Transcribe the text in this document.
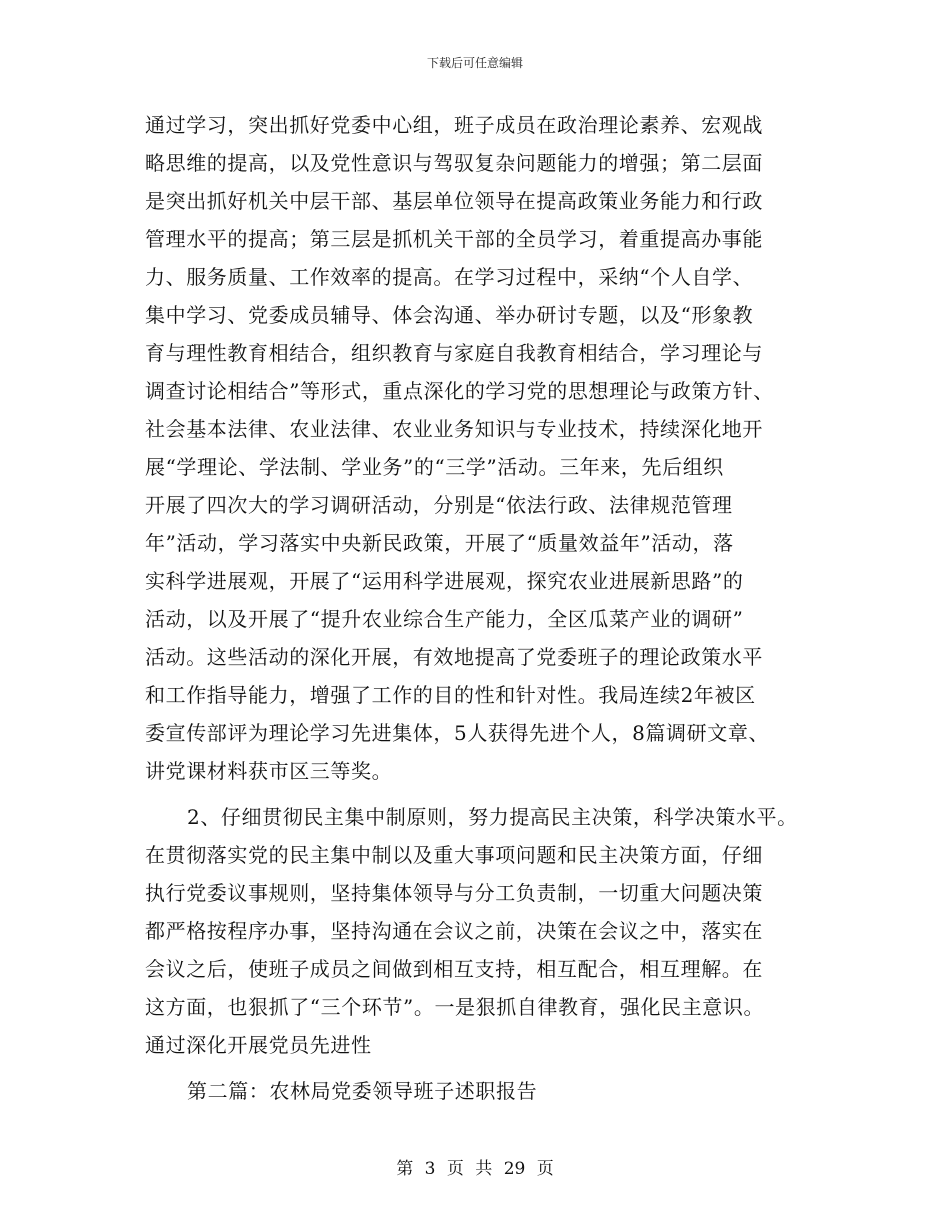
下载后可任意编辑
通过学习，突出抓好党委中心组，班子成员在政治理论素养、宏观战
略思维的提高，以及党性意识与驾驭复杂问题能力的增强；第二层面
是突出抓好机关中层干部、基层单位领导在提高政策业务能力和行政
管理水平的提高；第三层是抓机关干部的全员学习，着重提高办事能
力、服务质量、工作效率的提高。在学习过程中，采纳“个人自学、
集中学习、党委成员辅导、体会沟通、举办研讨专题，以及“形象教
育与理性教育相结合，组织教育与家庭自我教育相结合，学习理论与
调查讨论相结合”等形式，重点深化的学习党的思想理论与政策方针、
社会基本法律、农业法律、农业业务知识与专业技术，持续深化地开
展“学理论、学法制、学业务”的“三学”活动。三年来，先后组织
开展了四次大的学习调研活动，分别是“依法行政、法律规范管理
年”活动，学习落实中央新民政策，开展了“质量效益年”活动，落
实科学进展观，开展了“运用科学进展观，探究农业进展新思路”的
活动，以及开展了“提升农业综合生产能力，全区瓜菜产业的调研”
活动。这些活动的深化开展，有效地提高了党委班子的理论政策水平
和工作指导能力，增强了工作的目的性和针对性。我局连续2年被区
委宣传部评为理论学习先进集体，5人获得先进个人，8篇调研文章、
讲党课材料获市区三等奖。
2、仔细贯彻民主集中制原则，努力提高民主决策，科学决策水平。
在贯彻落实党的民主集中制以及重大事项问题和民主决策方面，仔细
执行党委议事规则，坚持集体领导与分工负责制，一切重大问题决策
都严格按程序办事，坚持沟通在会议之前，决策在会议之中，落实在
会议之后，使班子成员之间做到相互支持，相互配合，相互理解。在
这方面，也狠抓了“三个环节”。一是狠抓自律教育，强化民主意识。
通过深化开展党员先进性
第二篇：农林局党委领导班子述职报告
第 3 页 共 29 页
